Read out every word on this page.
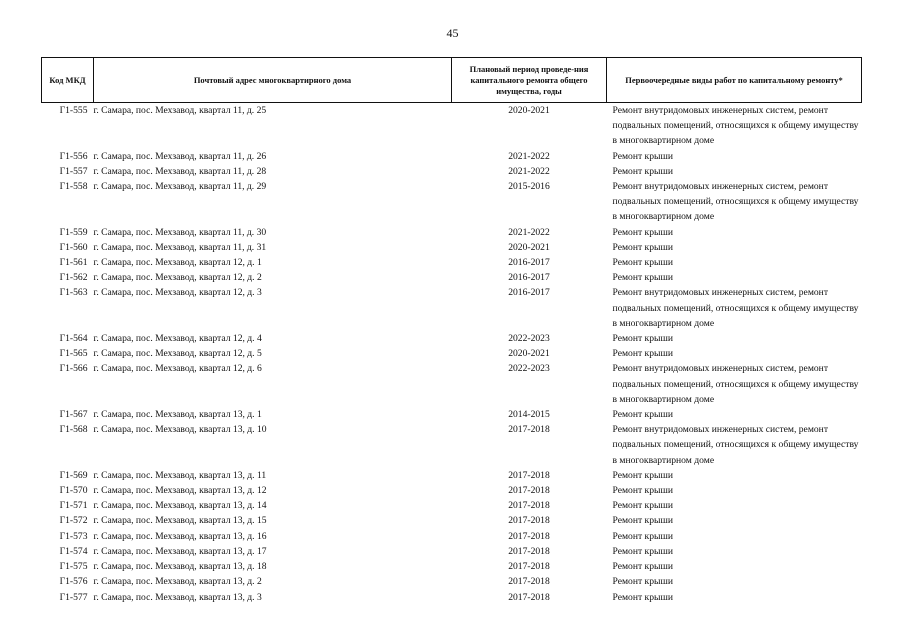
45
Код МКД	Почтовый адрес многоквартирного дома	Плановый период проведе-ния капитального ремонта общего имущества, годы	Первоочередные виды работ по капитальному ремонту*
Г1-555	г. Самара, пос. Мехзавод, квартал 11, д. 25	2020-2021	Ремонт внутридомовых инженерных систем, ремонт подвальных помещений, относящихся к общему имуществу в многоквартирном доме
Г1-556	г. Самара, пос. Мехзавод, квартал 11, д. 26	2021-2022	Ремонт крыши
Г1-557	г. Самара, пос. Мехзавод, квартал 11, д. 28	2021-2022	Ремонт крыши
Г1-558	г. Самара, пос. Мехзавод, квартал 11, д. 29	2015-2016	Ремонт внутридомовых инженерных систем, ремонт подвальных помещений, относящихся к общему имуществу в многоквартирном доме
Г1-559	г. Самара, пос. Мехзавод, квартал 11, д. 30	2021-2022	Ремонт крыши
Г1-560	г. Самара, пос. Мехзавод, квартал 11, д. 31	2020-2021	Ремонт крыши
Г1-561	г. Самара, пос. Мехзавод, квартал 12, д. 1	2016-2017	Ремонт крыши
Г1-562	г. Самара, пос. Мехзавод, квартал 12, д. 2	2016-2017	Ремонт крыши
Г1-563	г. Самара, пос. Мехзавод, квартал 12, д. 3	2016-2017	Ремонт внутридомовых инженерных систем, ремонт подвальных помещений, относящихся к общему имуществу в многоквартирном доме
Г1-564	г. Самара, пос. Мехзавод, квартал 12, д. 4	2022-2023	Ремонт крыши
Г1-565	г. Самара, пос. Мехзавод, квартал 12, д. 5	2020-2021	Ремонт крыши
Г1-566	г. Самара, пос. Мехзавод, квартал 12, д. 6	2022-2023	Ремонт внутридомовых инженерных систем, ремонт подвальных помещений, относящихся к общему имуществу в многоквартирном доме
Г1-567	г. Самара, пос. Мехзавод, квартал 13, д. 1	2014-2015	Ремонт крыши
Г1-568	г. Самара, пос. Мехзавод, квартал 13, д. 10	2017-2018	Ремонт внутридомовых инженерных систем, ремонт подвальных помещений, относящихся к общему имуществу в многоквартирном доме
Г1-569	г. Самара, пос. Мехзавод, квартал 13, д. 11	2017-2018	Ремонт крыши
Г1-570	г. Самара, пос. Мехзавод, квартал 13, д. 12	2017-2018	Ремонт крыши
Г1-571	г. Самара, пос. Мехзавод, квартал 13, д. 14	2017-2018	Ремонт крыши
Г1-572	г. Самара, пос. Мехзавод, квартал 13, д. 15	2017-2018	Ремонт крыши
Г1-573	г. Самара, пос. Мехзавод, квартал 13, д. 16	2017-2018	Ремонт крыши
Г1-574	г. Самара, пос. Мехзавод, квартал 13, д. 17	2017-2018	Ремонт крыши
Г1-575	г. Самара, пос. Мехзавод, квартал 13, д. 18	2017-2018	Ремонт крыши
Г1-576	г. Самара, пос. Мехзавод, квартал 13, д. 2	2017-2018	Ремонт крыши
Г1-577	г. Самара, пос. Мехзавод, квартал 13, д. 3	2017-2018	Ремонт крыши
